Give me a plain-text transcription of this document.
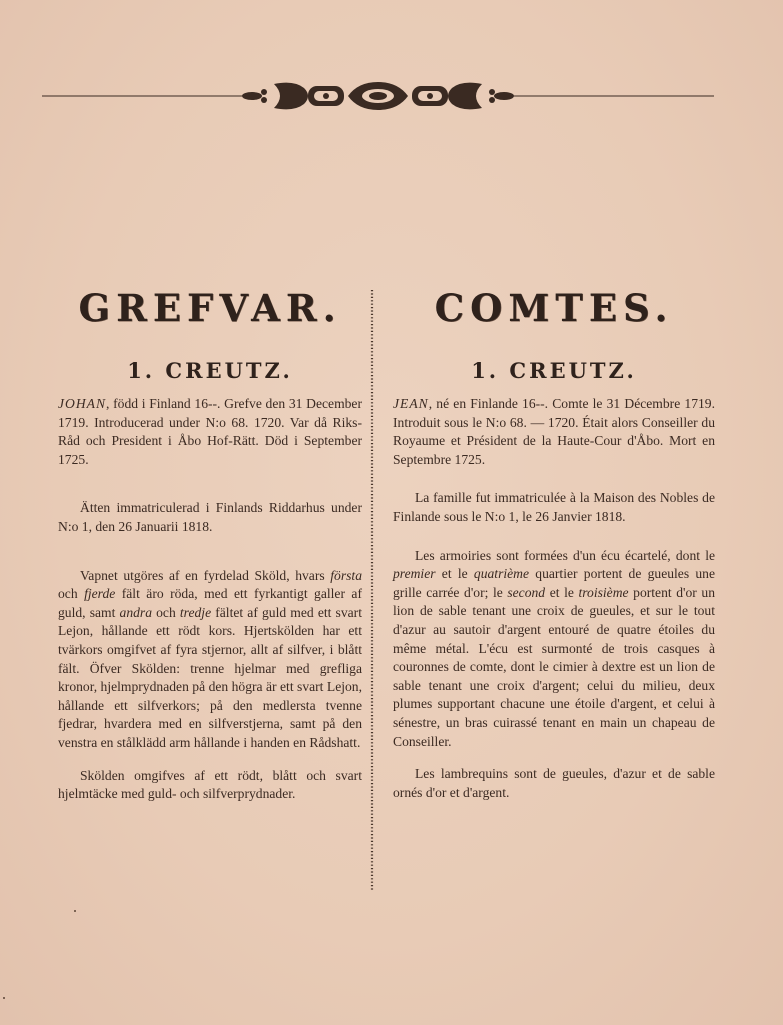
GREFVAR.
1. CREUTZ.

JOHAN, född i Finland 16--. Grefve den 31 December 1719. Introducerad under N:o 68. 1720. Var då Riks-Råd och President i Åbo Hof-Rätt. Död i September 1725.

Ätten immatriculerad i Finlands Riddarhus under N:o 1, den 26 Januarii 1818.

Vapnet utgöres af en fyrdelad Sköld, hvars första och fjerde fält äro röda, med ett fyrkantigt galler af guld, samt andra och tredje fältet af guld med ett svart Lejon, hållande ett rödt kors. Hjertskölden har ett tvärkors omgifvet af fyra stjernor, allt af silfver, i blått fält. Öfver Skölden: trenne hjelmar med grefliga kronor, hjelmprydnaden på den högra är ett svart Lejon, hållande ett silfverkors; på den medlersta tvenne fjedrar, hvardera med en silfverstjerna, samt på den venstra en stålklädd arm hållande i handen en Rådshatt.

Skölden omgifves af ett rödt, blått och svart hjelmtäcke med guld- och silfverprydnader.

COMTES.
1. CREUTZ.

JEAN, né en Finlande 16--. Comte le 31 Décembre 1719. Introduit sous le N:o 68. — 1720. Était alors Conseiller du Royaume et Président de la Haute-Cour d'Åbo. Mort en Septembre 1725.

La famille fut immatriculée à la Maison des Nobles de Finlande sous le N:o 1, le 26 Janvier 1818.

Les armoiries sont formées d'un écu écartelé, dont le premier et le quatrième quartier portent de gueules une grille carrée d'or; le second et le troisième portent d'or un lion de sable tenant une croix de gueules, et sur le tout d'azur au sautoir d'argent entouré de quatre étoiles du même métal. L'écu est surmonté de trois casques à couronnes de comte, dont le cimier à dextre est un lion de sable tenant une croix d'argent; celui du milieu, deux plumes supportant chacune une étoile d'argent, et celui à sénestre, un bras cuirassé tenant en main un chapeau de Conseiller.

Les lambrequins sont de gueules, d'azur et de sable ornés d'or et d'argent.
